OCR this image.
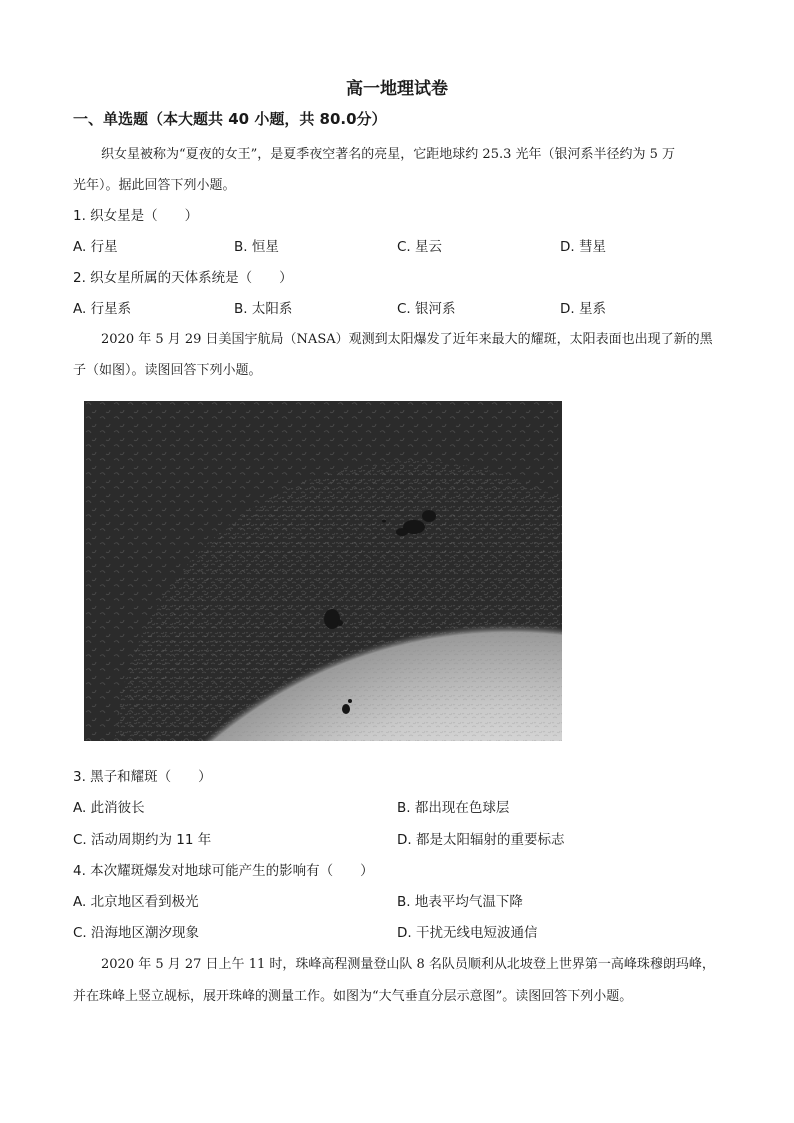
高一地理试卷
一、单选题（本大题共 40 小题，共 80.0分）
织女星被称为“夏夜的女王”，是夏季夜空著名的亮星，它距地球约 25.3 光年（银河系半径约为 5 万
光年）。据此回答下列小题。
1. 织女星是（　　）
A. 行星	B. 恒星	C. 星云	D. 彗星
2. 织女星所属的天体系统是（　　）
A. 行星系	B. 太阳系	C. 银河系	D. 星系
2020 年 5 月 29 日美国宇航局（NASA）观测到太阳爆发了近年来最大的耀斑，太阳表面也出现了新的黑
子（如图）。读图回答下列小题。
3. 黑子和耀斑（　　）
A. 此消彼长	B. 都出现在色球层
C. 活动周期约为 11 年	D. 都是太阳辐射的重要标志
4. 本次耀斑爆发对地球可能产生的影响有（　　）
A. 北京地区看到极光	B. 地表平均气温下降
C. 沿海地区潮汐现象	D. 干扰无线电短波通信
2020 年 5 月 27 日上午 11 时，珠峰高程测量登山队 8 名队员顺利从北坡登上世界第一高峰珠穆朗玛峰，
并在珠峰上竖立觇标，展开珠峰的测量工作。如图为“大气垂直分层示意图”。读图回答下列小题。
